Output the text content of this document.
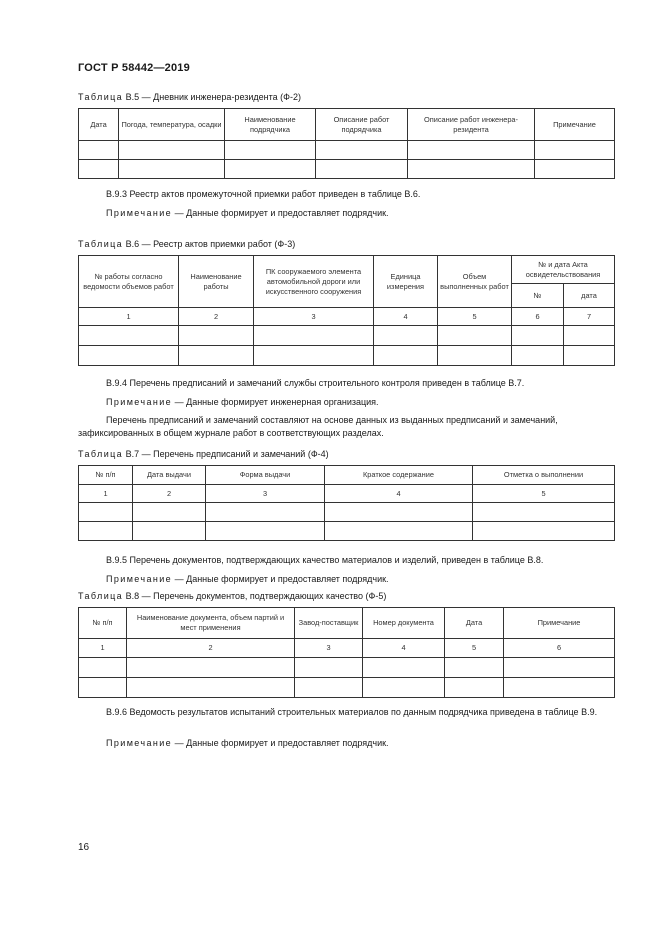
ГОСТ Р 58442—2019
Таблица В.5 — Дневник инженера-резидента (Ф-2)
Дата	Погода, температура, осадки	Наименование подрядчика	Описание работ подрядчика	Описание работ инженера-резидента	Примечание

В.9.3 Реестр актов промежуточной приемки работ приведен в таблице В.6.
Примечание — Данные формирует и предоставляет подрядчик.
Таблица В.6 — Реестр актов приемки работ (Ф-3)
№ работы согласно ведомости объемов работ	Наименование работы	ПК сооружаемого элемента автомобильной дороги или искусственного сооружения	Единица измерения	Объем выполненных работ	№ и дата Акта освидетельствования	
					№	дата
1	2	3	4	5	6	7

В.9.4 Перечень предписаний и замечаний службы строительного контроля приведен в таблице В.7.
Примечание — Данные формирует инженерная организация.
Перечень предписаний и замечаний составляют на основе данных из выданных предписаний и замечаний, зафиксированных в общем журнале работ в соответствующих разделах.
Таблица В.7 — Перечень предписаний и замечаний (Ф-4)
№ п/п	Дата выдачи	Форма выдачи	Краткое содержание	Отметка о выполнении
1	2	3	4	5

В.9.5 Перечень документов, подтверждающих качество материалов и изделий, приведен в таблице В.8.
Примечание — Данные формирует и предоставляет подрядчик.
Таблица В.8 — Перечень документов, подтверждающих качество (Ф-5)
№ п/п	Наименование документа, объем партий и мест применения	Завод-поставщик	Номер документа	Дата	Примечание
1	2	3	4	5	6

В.9.6 Ведомость результатов испытаний строительных материалов по данным подрядчика приведена в таблице В.9.
Примечание — Данные формирует и предоставляет подрядчик.
16
